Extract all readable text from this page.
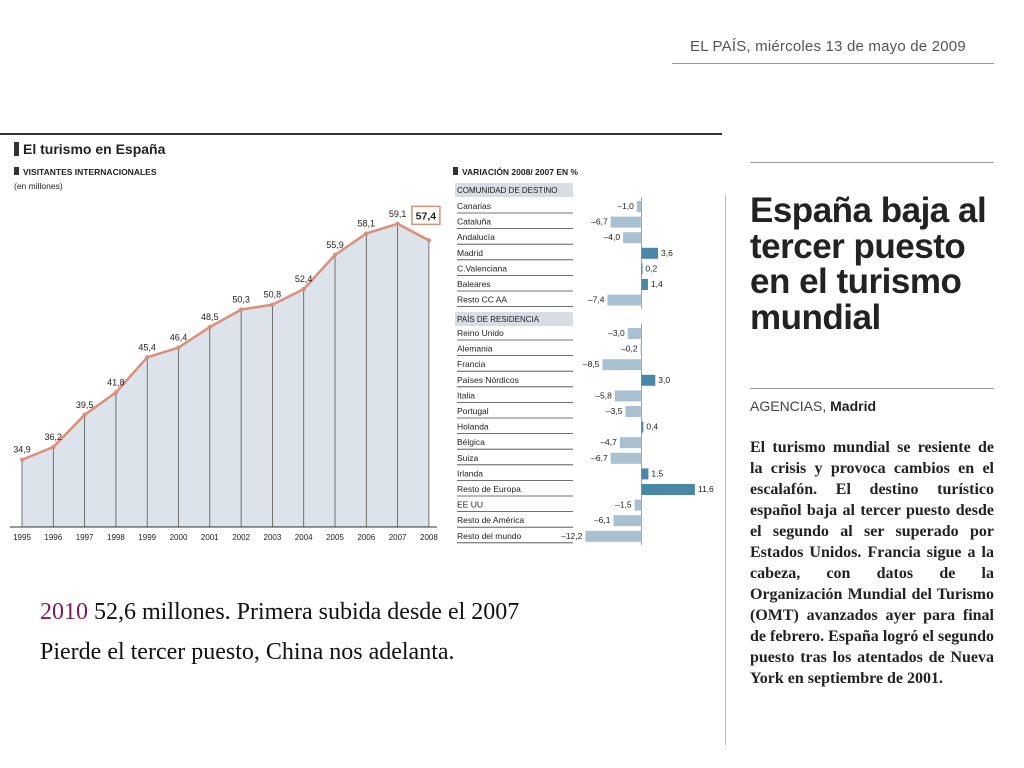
EL PAÍS, miércoles 13 de mayo de 2009
El turismo en España
VISITANTES INTERNACIONALES
(en millones)
VARIACIÓN 2008/ 2007 EN %
34,9
1995
36,2
1996
39,5
1997
41,8
1998
45,4
1999
46,4
2000
48,5
2001
50,3
2002
50,8
2003
52,4
2004
55,9
2005
58,1
2006
59,1
2007
57,4
2008
COMUNIDAD DE DESTINO
Canarias	–1,0
Cataluña	–6,7
Andalucía	–4,0
Madrid	3,6
C.Valenciana	0,2
Baleares	1,4
Resto CC AA	–7,4
PAÍS DE RESIDENCIA
Reino Unido	–3,0
Alemania	–0,2
Francia	–8,5
Países Nórdicos	3,0
Italia	–5,8
Portugal	–3,5
Holanda	0,4
Bélgica	–4,7
Suiza	–6,7
Irlanda	1,5
Resto de Europa	11,6
EE UU	–1,5
Resto de América	–6,1
Resto del mundo	–12,2
España baja al tercer puesto en el turismo mundial
AGENCIAS, Madrid
El turismo mundial se resiente de la crisis y provoca cambios en el escalafón. El destino turístico español baja al tercer puesto desde el segundo al ser superado por Estados Unidos. Francia sigue a la cabeza, con datos de la Organización Mundial del Turismo (OMT) avanzados ayer para final de febrero. España logró el segundo puesto tras los atentados de Nueva York en septiembre de 2001.

2010 52,6 millones. Primera subida desde el 2007

Pierde el tercer puesto, China nos adelanta.
